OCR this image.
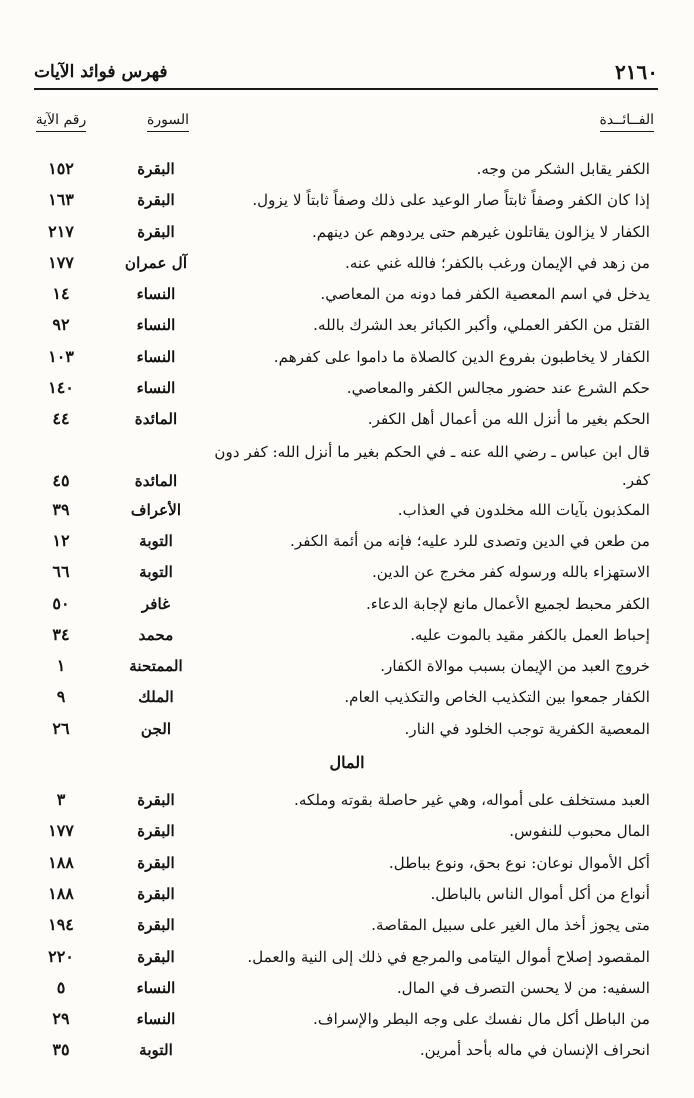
٢١٦٠
فهرس فوائد الآيات
الفــائــدة
السورة
رقم الآية
الكفر يقابل الشكر من وجه.
البقرة
١٥٢
إذا كان الكفر وصفاً ثابتاً صار الوعيد على ذلك وصفاً ثابتاً لا يزول.
البقرة
١٦٣
الكفار لا يزالون يقاتلون غيرهم حتى يردوهم عن دينهم.
البقرة
٢١٧
من زهد في الإيمان ورغب بالكفر؛ فالله غني عنه.
آل عمران
١٧٧
يدخل في اسم المعصية الكفر فما دونه من المعاصي.
النساء
١٤
القتل من الكفر العملي، وأكبر الكبائر بعد الشرك بالله.
النساء
٩٢
الكفار لا يخاطبون بفروع الدين كالصلاة ما داموا على كفرهم.
النساء
١٠٣
حكم الشرع عند حضور مجالس الكفر والمعاصي.
النساء
١٤٠
الحكم بغير ما أنزل الله من أعمال أهل الكفر.
المائدة
٤٤
قال ابن عباس ـ رضي الله عنه ـ في الحكم بغير ما أنزل الله: كفر دون كفر.
المائدة
٤٥
المكذبون بآيات الله مخلدون في العذاب.
الأعراف
٣٩
من طعن في الدين وتصدى للرد عليه؛ فإنه من أئمة الكفر.
التوبة
١٢
الاستهزاء بالله ورسوله كفر مخرج عن الدين.
التوبة
٦٦
الكفر محبط لجميع الأعمال مانع لإجابة الدعاء.
غافر
٥٠
إحباط العمل بالكفر مقيد بالموت عليه.
محمد
٣٤
خروج العبد من الإيمان بسبب موالاة الكفار.
الممتحنة
١
الكفار جمعوا بين التكذيب الخاص والتكذيب العام.
الملك
٩
المعصية الكفرية توجب الخلود في النار.
الجن
٢٦
المال
العبد مستخلف على أمواله، وهي غير حاصلة بقوته وملكه.
البقرة
٣
المال محبوب للنفوس.
البقرة
١٧٧
أكل الأموال نوعان: نوع بحق، ونوع بباطل.
البقرة
١٨٨
أنواع من أكل أموال الناس بالباطل.
البقرة
١٨٨
متى يجوز أخذ مال الغير على سبيل المقاصة.
البقرة
١٩٤
المقصود إصلاح أموال اليتامى والمرجع في ذلك إلى النية والعمل.
البقرة
٢٢٠
السفيه: من لا يحسن التصرف في المال.
النساء
٥
من الباطل أكل مال نفسك على وجه البطر والإسراف.
النساء
٢٩
انحراف الإنسان في ماله بأحد أمرين.
التوبة
٣٥
